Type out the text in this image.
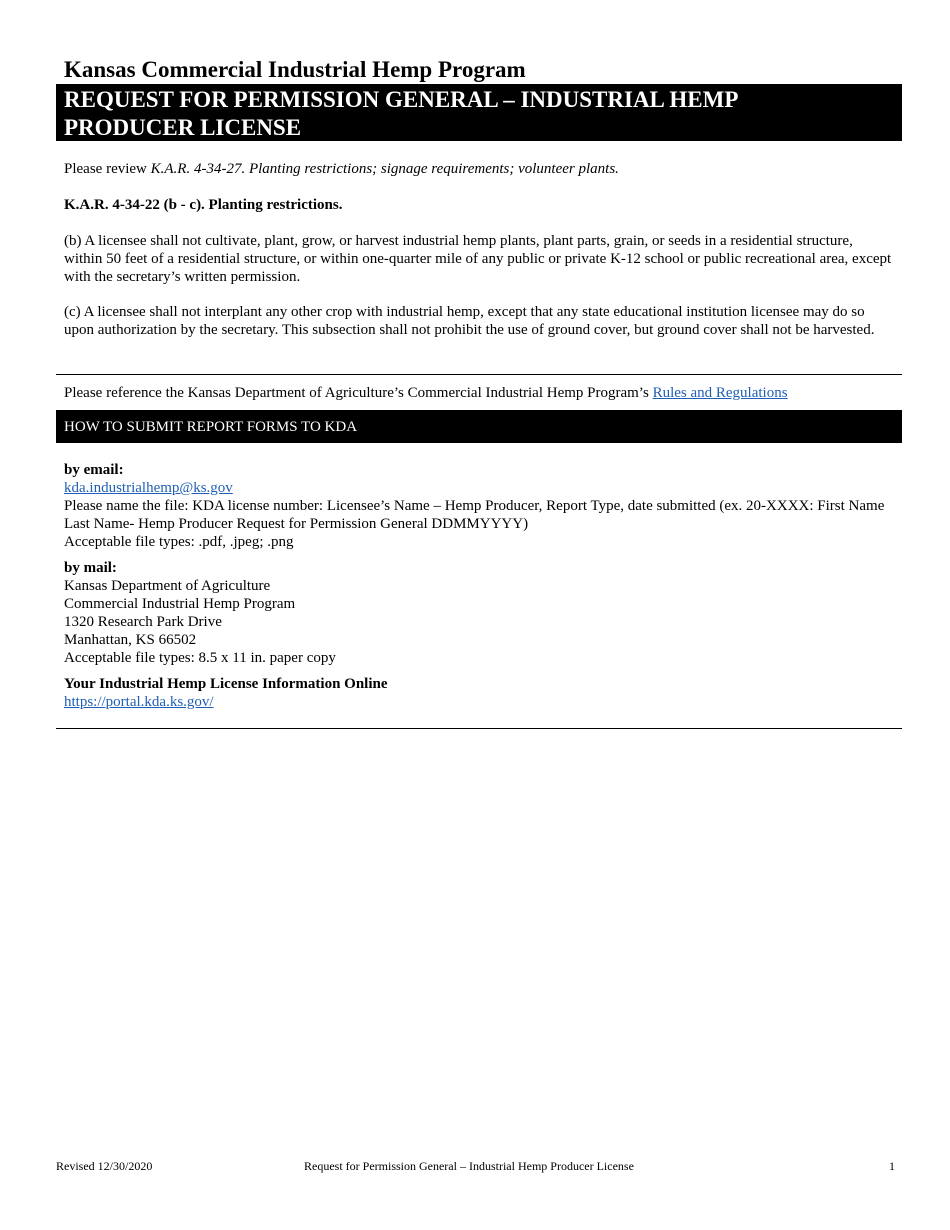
Kansas Commercial Industrial Hemp Program
REQUEST FOR PERMISSION GENERAL – INDUSTRIAL HEMP
PRODUCER LICENSE
Please review K.A.R. 4-34-27. Planting restrictions; signage requirements; volunteer plants.
K.A.R. 4-34-22 (b - c). Planting restrictions.
(b) A licensee shall not cultivate, plant, grow, or harvest industrial hemp plants, plant parts, grain, or seeds in a residential structure, within 50 feet of a residential structure, or within one-quarter mile of any public or private K-12 school or public recreational area, except with the secretary’s written permission.
(c) A licensee shall not interplant any other crop with industrial hemp, except that any state educational institution licensee may do so upon authorization by the secretary. This subsection shall not prohibit the use of ground cover, but ground cover shall not be harvested.
Please reference the Kansas Department of Agriculture’s Commercial Industrial Hemp Program’s Rules and Regulations
HOW TO SUBMIT REPORT FORMS TO KDA
by email:
kda.industrialhemp@ks.gov
Please name the file: KDA license number: Licensee’s Name – Hemp Producer, Report Type, date submitted (ex. 20-XXXX: First Name Last Name- Hemp Producer Request for Permission General DDMMYYYY)
Acceptable file types: .pdf, .jpeg; .png
by mail:
Kansas Department of Agriculture
Commercial Industrial Hemp Program
1320 Research Park Drive
Manhattan, KS 66502
Acceptable file types: 8.5 x 11 in. paper copy
Your Industrial Hemp License Information Online
https://portal.kda.ks.gov/
Revised 12/30/2020	Request for Permission General – Industrial Hemp Producer License	1
